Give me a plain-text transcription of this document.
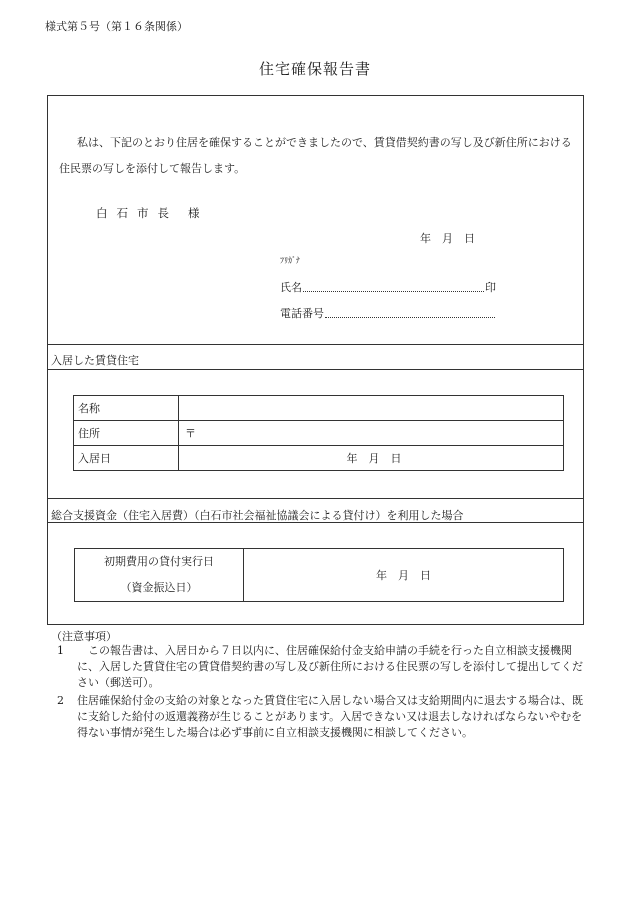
様式第５号（第１６条関係）
住宅確保報告書

私は、下記のとおり住居を確保することができましたので、賃貸借契約書の写し及び新住所における

住民票の写しを添付して報告します。

白石市長 様
年　月　日
ﾌﾘｶﾞﾅ
氏名	印
電話番号
入居した賃貸住宅
名称	
住所	〒
入居日	年　月　日
総合支援資金（住宅入居費）（白石市社会福祉協議会による貸付け）を利用した場合
初期費用の貸付実行日
（資金振込日）
	年　月　日
（注意事項）
1	この報告書は、入居日から７日以内に、住居確保給付金支給申請の手続を行った自立相談支援機関に、入居した賃貸住宅の賃貸借契約書の写し及び新住所における住民票の写しを添付して提出してください（郵送可）。
2	住居確保給付金の支給の対象となった賃貸住宅に入居しない場合又は支給期間内に退去する場合は、既に支給した給付の返還義務が生じることがあります。入居できない又は退去しなければならないやむを得ない事情が発生した場合は必ず事前に自立相談支援機関に相談してください。
